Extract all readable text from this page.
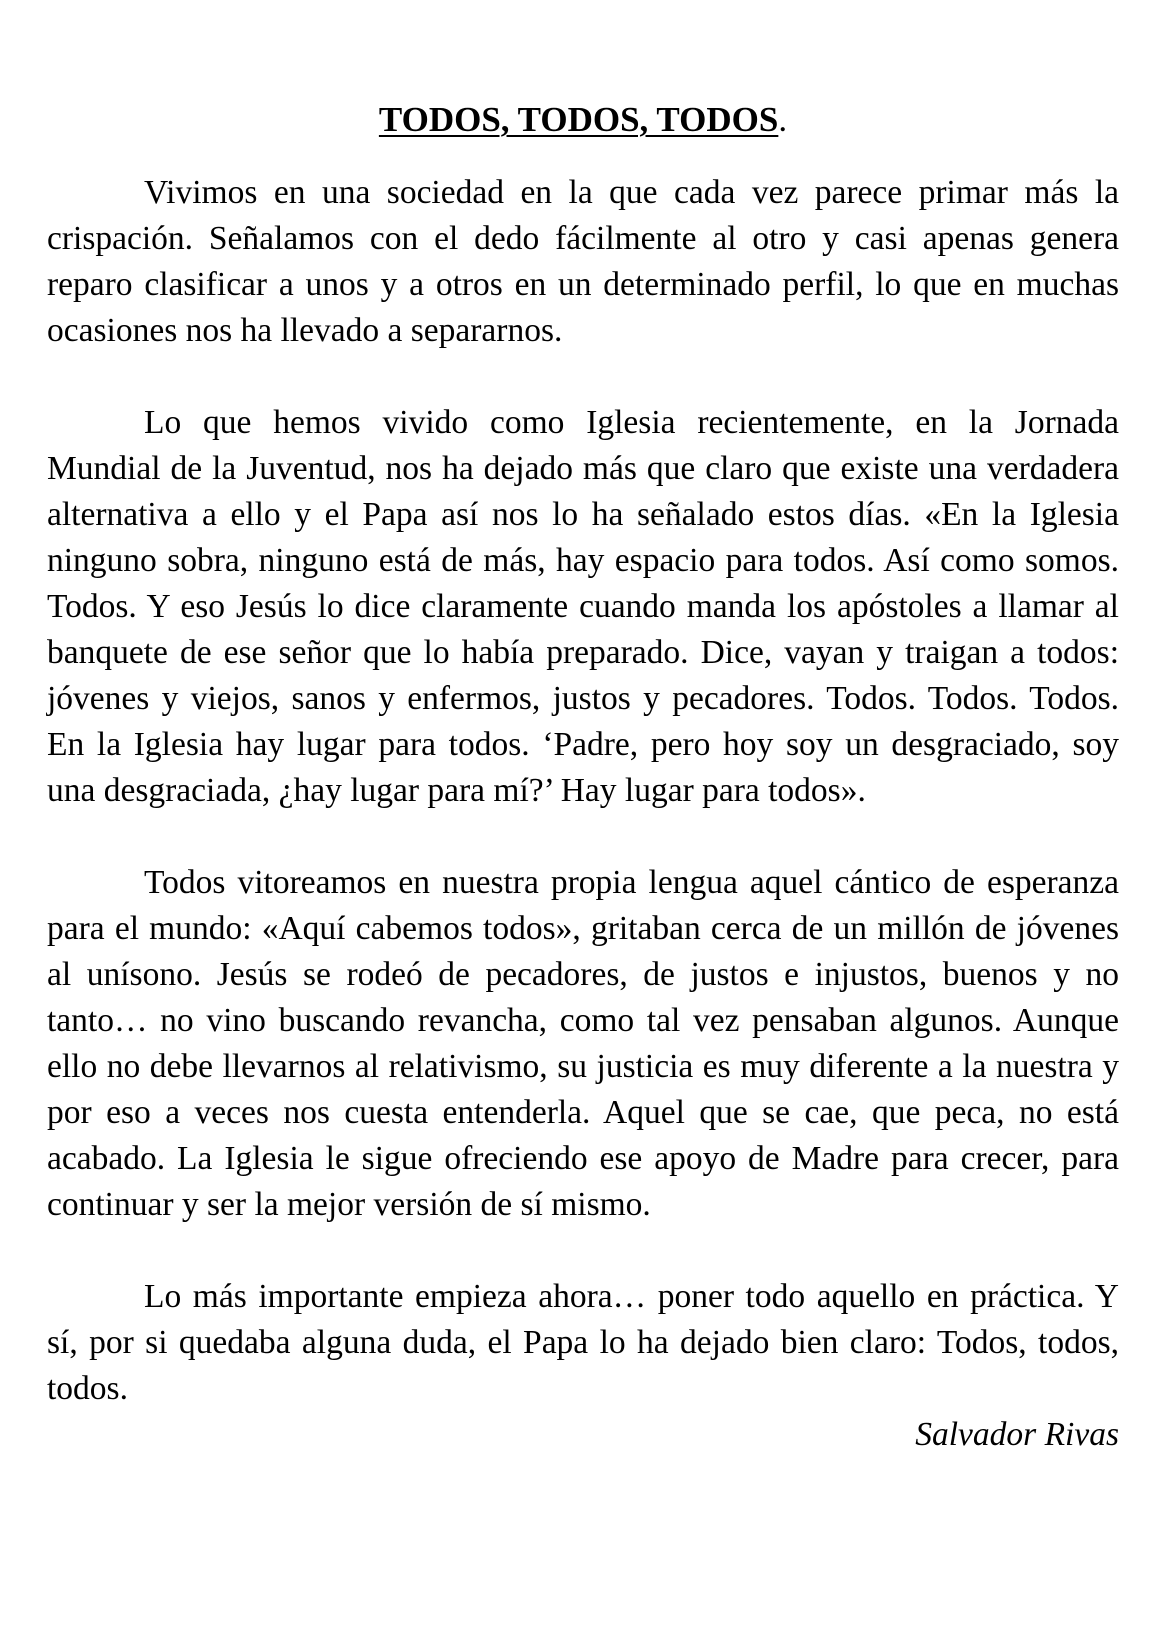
TODOS, TODOS, TODOS.

Vivimos en una sociedad en la que cada vez parece primar más la crispación. Señalamos con el dedo fácilmente al otro y casi apenas genera reparo clasificar a unos y a otros en un determinado perfil, lo que en muchas ocasiones nos ha llevado a separarnos.

Lo que hemos vivido como Iglesia recientemente, en la Jornada Mundial de la Juventud, nos ha dejado más que claro que existe una verdadera alternativa a ello y el Papa así nos lo ha señalado estos días. «En la Iglesia ninguno sobra, ninguno está de más, hay espacio para todos. Así como somos. Todos. Y eso Jesús lo dice claramente cuando manda los apóstoles a llamar al banquete de ese señor que lo había preparado. Dice, vayan y traigan a todos: jóvenes y viejos, sanos y enfermos, justos y pecadores. Todos. Todos. Todos. En la Iglesia hay lugar para todos. ‘Padre, pero hoy soy un desgraciado, soy una desgraciada, ¿hay lugar para mí?’ Hay lugar para todos».

Todos vitoreamos en nuestra propia lengua aquel cántico de esperanza para el mundo: «Aquí cabemos todos», gritaban cerca de un millón de jóvenes al unísono. Jesús se rodeó de pecadores, de justos e injustos, buenos y no tanto… no vino buscando revancha, como tal vez pensaban algunos. Aunque ello no debe llevarnos al relativismo, su justicia es muy diferente a la nuestra y por eso a veces nos cuesta entenderla. Aquel que se cae, que peca, no está acabado. La Iglesia le sigue ofreciendo ese apoyo de Madre para crecer, para continuar y ser la mejor versión de sí mismo.

Lo más importante empieza ahora… poner todo aquello en práctica. Y sí, por si quedaba alguna duda, el Papa lo ha dejado bien claro: Todos, todos, todos.

Salvador Rivas
